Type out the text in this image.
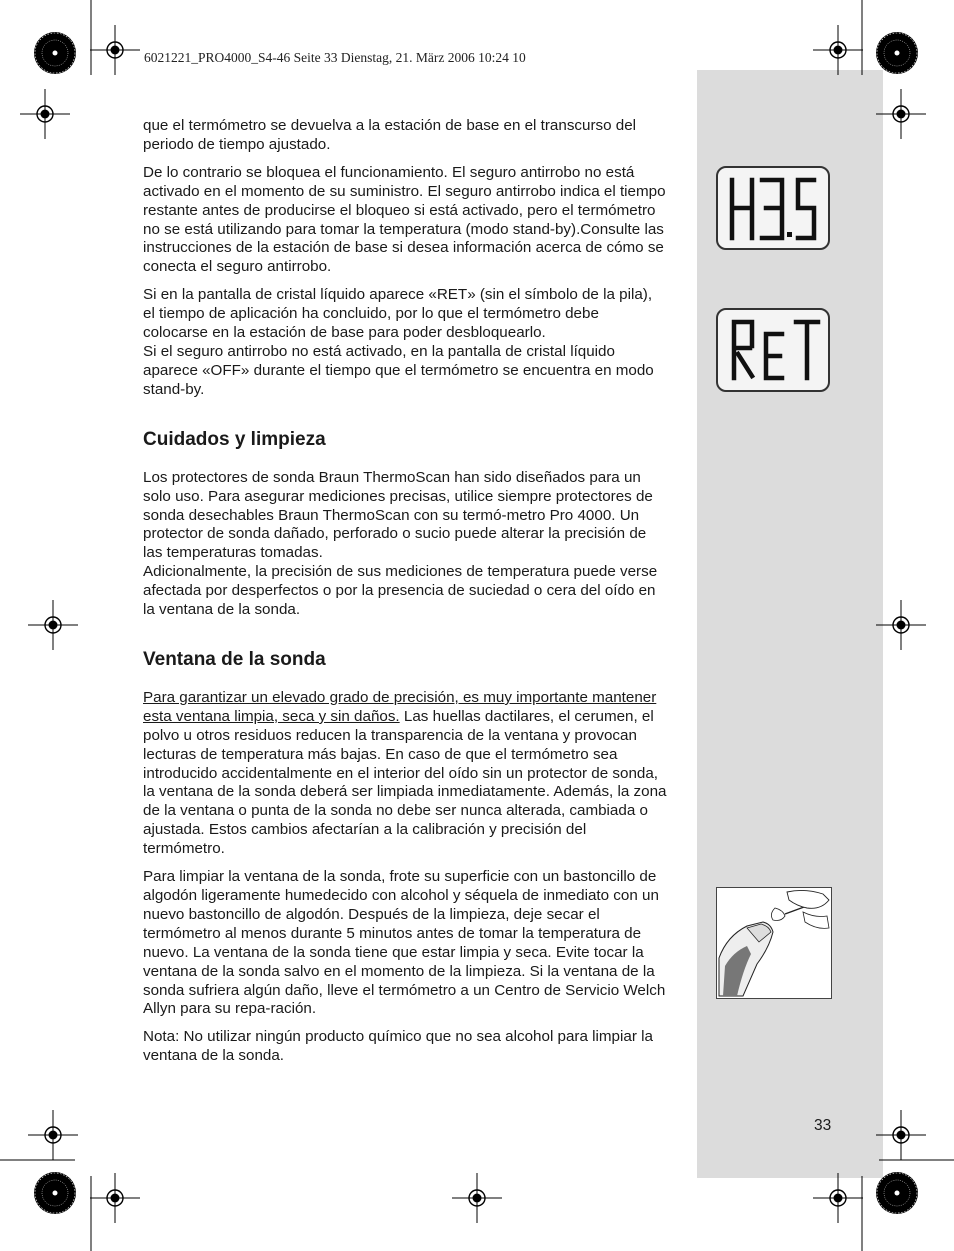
6021221_PRO4000_S4-46 Seite 33 Dienstag, 21. März 2006 10:24 10

que el termómetro se devuelva a la estación de base en el transcurso del periodo de tiempo ajustado.

De lo contrario se bloquea el funcionamiento. El seguro antirrobo no está activado en el momento de su suministro. El seguro antirrobo indica el tiempo restante antes de producirse el bloqueo si está activado, pero el termómetro no se está utilizando para tomar la temperatura (modo stand-by).Consulte las instrucciones de la estación de base si desea información acerca de cómo se conecta el seguro antirrobo.

Si en la pantalla de cristal líquido aparece «RET» (sin el símbolo de la pila), el tiempo de aplicación ha concluido, por lo que el termómetro debe colocarse en la estación de base para poder desbloquearlo.
Si el seguro antirrobo no está activado, en la pantalla de cristal líquido aparece «OFF» durante el tiempo que el termómetro se encuentra en modo stand-by.

Cuidados y limpieza

Los protectores de sonda Braun ThermoScan han sido diseñados para un solo uso. Para asegurar mediciones precisas, utilice siempre protectores de sonda desechables Braun ThermoScan con su termó-metro Pro 4000. Un protector de sonda dañado, perforado o sucio puede alterar la precisión de las temperaturas tomadas.
Adicionalmente, la precisión de sus mediciones de temperatura puede verse afectada por desperfectos o por la presencia de suciedad o cera del oído en la ventana de la sonda.

Ventana de la sonda

Para garantizar un elevado grado de precisión, es muy importante mantener esta ventana limpia, seca y sin daños. Las huellas dactilares, el cerumen, el polvo u otros residuos reducen la transparencia de la ventana y provocan lecturas de temperatura más bajas. En caso de que el termómetro sea introducido accidentalmente en el interior del oído sin un protector de sonda, la ventana de la sonda deberá ser limpiada inmediatamente. Además, la zona de la ventana o punta de la sonda no debe ser nunca alterada, cambiada o ajustada. Estos cambios afectarían a la calibración y precisión del termómetro.

Para limpiar la ventana de la sonda, frote su superficie con un bastoncillo de algodón ligeramente humedecido con alcohol y séquela de inmediato con un nuevo bastoncillo de algodón. Después de la limpieza, deje secar el termómetro al menos durante 5 minutos antes de tomar la temperatura de nuevo. La ventana de la sonda tiene que estar limpia y seca. Evite tocar la ventana de la sonda salvo en el momento de la limpieza. Si la ventana de la sonda sufriera algún daño, lleve el termómetro a un Centro de Servicio Welch Allyn para su repa-ración.

Nota: No utilizar ningún producto químico que no sea alcohol para limpiar la ventana de la sonda.

33
